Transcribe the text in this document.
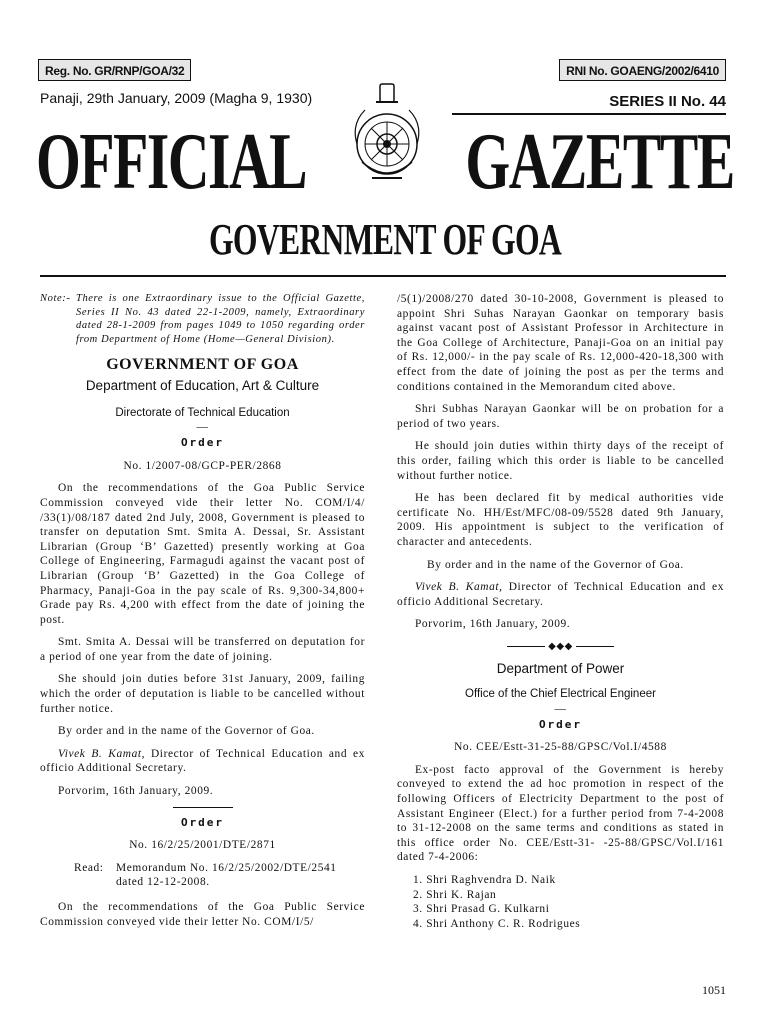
Reg. No. GR/RNP/GOA/32	RNI No. GOAENG/2002/6410
Panaji, 29th January, 2009 (Magha 9, 1930)	SERIES II No. 44
OFFICIAL GAZETTE
GOVERNMENT OF GOA
Note:- There is one Extraordinary issue to the Official Gazette, Series II No. 43 dated 22-1-2009, namely, Extraordinary dated 28-1-2009 from pages 1049 to 1050 regarding order from Department of Home (Home—General Division).
GOVERNMENT OF GOA
Department of Education, Art & Culture
Directorate of Technical Education
—
Order
No. 1/2007-08/GCP-PER/2868

On the recommendations of the Goa Public Service Commission conveyed vide their letter No. COM/I/4/ /33(1)/08/187 dated 2nd July, 2008, Government is pleased to transfer on deputation Smt. Smita A. Dessai, Sr. Assistant Librarian (Group ‘B’ Gazetted) presently working at Goa College of Engineering, Farmagudi against the vacant post of Librarian (Group ‘B’ Gazetted) in the Goa College of Pharmacy, Panaji-Goa in the pay scale of Rs. 9,300-34,800+ Grade pay Rs. 4,200 with effect from the date of joining the post.

Smt. Smita A. Dessai will be transferred on deputation for a period of one year from the date of joining.

She should join duties before 31st January, 2009, failing which the order of deputation is liable to be cancelled without further notice.

By order and in the name of the Governor of Goa.

Vivek B. Kamat, Director of Technical Education and ex officio Additional Secretary.

Porvorim, 16th January, 2009.

Order
No. 16/2/25/2001/DTE/2871
Read:	Memorandum No. 16/2/25/2002/DTE/2541 dated 12-12-2008.

On the recommendations of the Goa Public Service Commission conveyed vide their letter No. COM/I/5/

/5(1)/2008/270 dated 30-10-2008, Government is pleased to appoint Shri Suhas Narayan Gaonkar on temporary basis against vacant post of Assistant Professor in Architecture in the Goa College of Architecture, Panaji-Goa on an initial pay of Rs. 12,000/- in the pay scale of Rs. 12,000-420-18,300 with effect from the date of joining the post as per the terms and conditions contained in the Memorandum cited above.

Shri Subhas Narayan Gaonkar will be on probation for a period of two years.

He should join duties within thirty days of the receipt of this order, failing which this order is liable to be cancelled without further notice.

He has been declared fit by medical authorities vide certificate No. HH/Est/MFC/08-09/5528 dated 9th January, 2009. His appointment is subject to the verification of character and antecedents.

By order and in the name of the Governor of Goa.

Vivek B. Kamat, Director of Technical Education and ex officio Additional Secretary.

Porvorim, 16th January, 2009.

◆◆◆
Department of Power
Office of the Chief Electrical Engineer
—
Order
No. CEE/Estt-31-25-88/GPSC/Vol.I/4588

Ex-post facto approval of the Government is hereby conveyed to extend the ad hoc promotion in respect of the following Officers of Electricity Department to the post of Assistant Engineer (Elect.) for a further period from 7-4-2008 to 31-12-2008 on the same terms and conditions as stated in this office order No. CEE/Estt-31- -25-88/GPSC/Vol.I/161 dated 7-4-2006:

1. Shri Raghvendra D. Naik
2. Shri K. Rajan
3. Shri Prasad G. Kulkarni
4. Shri Anthony C. R. Rodrigues
1051
